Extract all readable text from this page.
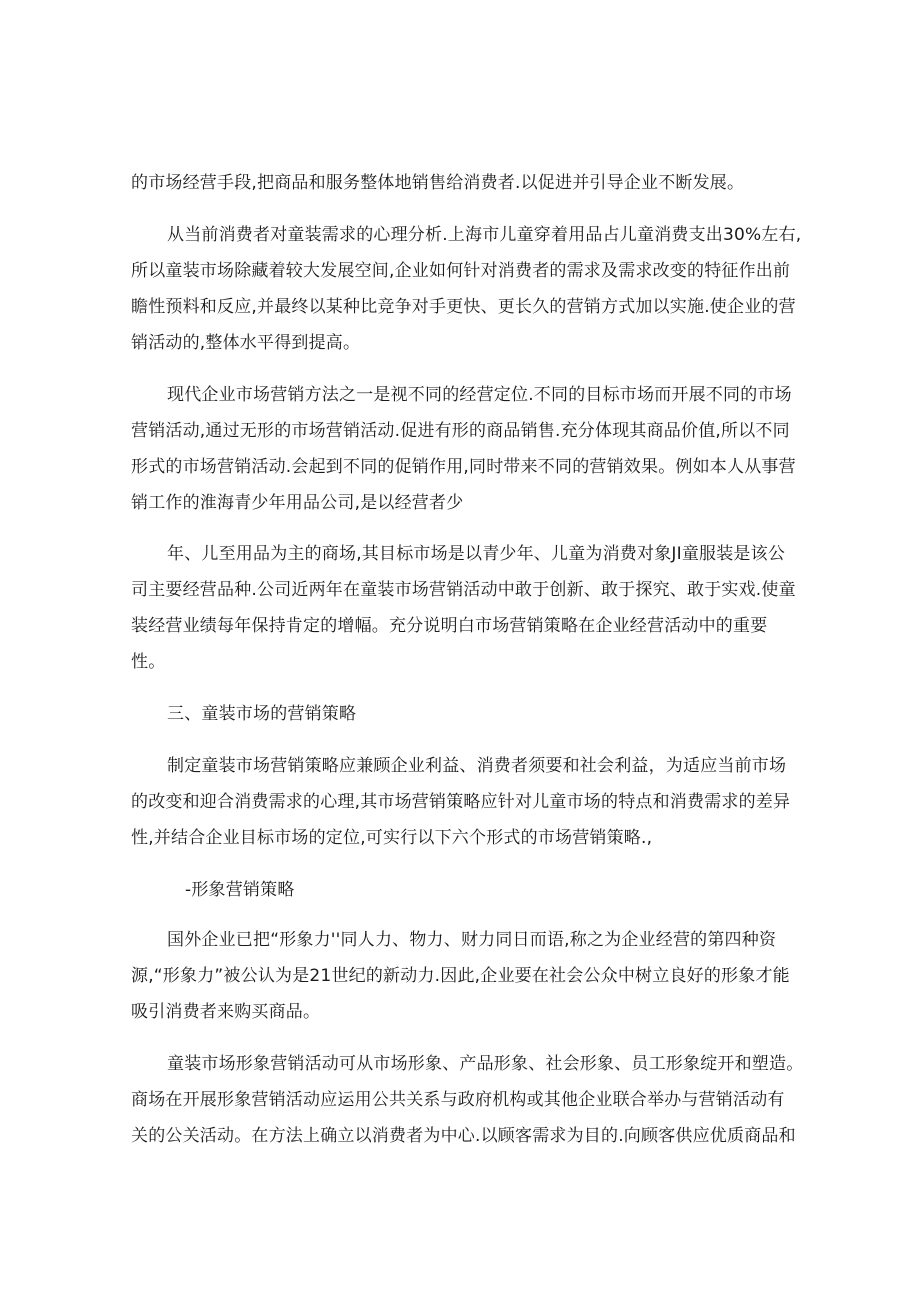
的市场经营手段,把商品和服务整体地销售给消费者.以促进并引导企业不断发展。

从当前消费者对童装需求的心理分析.上海市儿童穿着用品占儿童消费支出30%左右,

所以童装市场除藏着较大发展空间,企业如何针对消费者的需求及需求改变的特征作出前

瞻性预料和反应,并最终以某种比竞争对手更快、更长久的营销方式加以实施.使企业的营

销活动的,整体水平得到提高。

现代企业市场营销方法之一是视不同的经营定位.不同的目标市场而开展不同的市场

营销活动,通过无形的市场营销活动.促进有形的商品销售.充分体现其商品价值,所以不同

形式的市场营销活动.会起到不同的促销作用,同时带来不同的营销效果。例如本人从事营

销工作的淮海青少年用品公司,是以经营者少

年、儿至用品为主的商场,其目标市场是以青少年、儿童为消费对象JI童服装是该公

司主要经营品种.公司近两年在童装市场营销活动中敢于创新、敢于探究、敢于实戏.使童

装经营业绩每年保持肯定的增幅。充分说明白市场营销策略在企业经营活动中的重要

性。

三、童装市场的营销策略

制定童装市场营销策略应兼顾企业利益、消费者须要和社会利益，为适应当前市场

的改变和迎合消费需求的心理,其市场营销策略应针对儿童市场的特点和消费需求的差异

性,并结合企业目标市场的定位,可实行以下六个形式的市场营销策略.,

-形象营销策略

国外企业已把“形象力''同人力、物力、财力同日而语,称之为企业经营的第四种资

源,“形象力”被公认为是21世纪的新动力.因此,企业要在社会公众中树立良好的形象才能

吸引消费者来购买商品。

童装市场形象营销活动可从市场形象、产品形象、社会形象、员工形象绽开和塑造。

商场在开展形象营销活动应运用公共关系与政府机构或其他企业联合举办与营销活动有

关的公关活动。在方法上确立以消费者为中心.以顾客需求为目的.向顾客供应优质商品和
